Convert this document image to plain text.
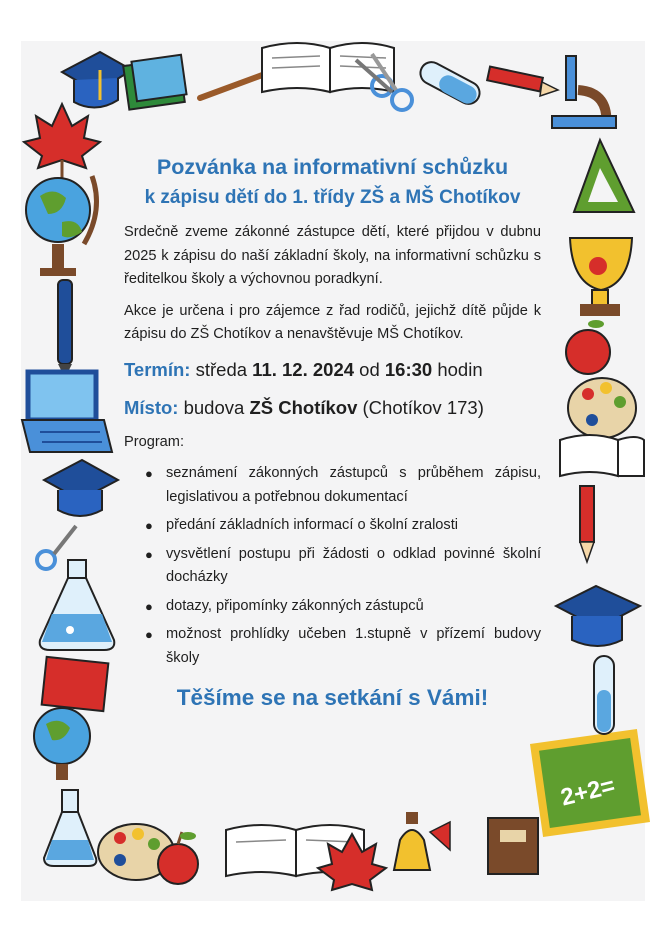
2+2=
Pozvánka na informativní schůzku
k zápisu dětí do 1. třídy ZŠ a MŠ Chotíkov

Srdečně zveme zákonné zástupce dětí, které přijdou v dubnu 2025 k zápisu do naší základní školy, na informativní schůzku s ředitelkou školy a výchovnou poradkyní.

Akce je určena i pro zájemce z řad rodičů, jejichž dítě půjde k zápisu do ZŠ Chotíkov a nenavštěvuje MŠ Chotíkov.

Termín: středa 11. 12. 2024 od 16:30 hodin

Místo: budova ZŠ Chotíkov (Chotíkov 173)

Program:

● seznámení zákonných zástupců s průběhem zápisu, legislativou a potřebnou dokumentací
● předání základních informací o školní zralosti
● vysvětlení postupu při žádosti o odklad povinné školní docházky
● dotazy, připomínky zákonných zástupců
● možnost prohlídky učeben 1.stupně v přízemí budovy školy

Těšíme se na setkání s Vámi!
